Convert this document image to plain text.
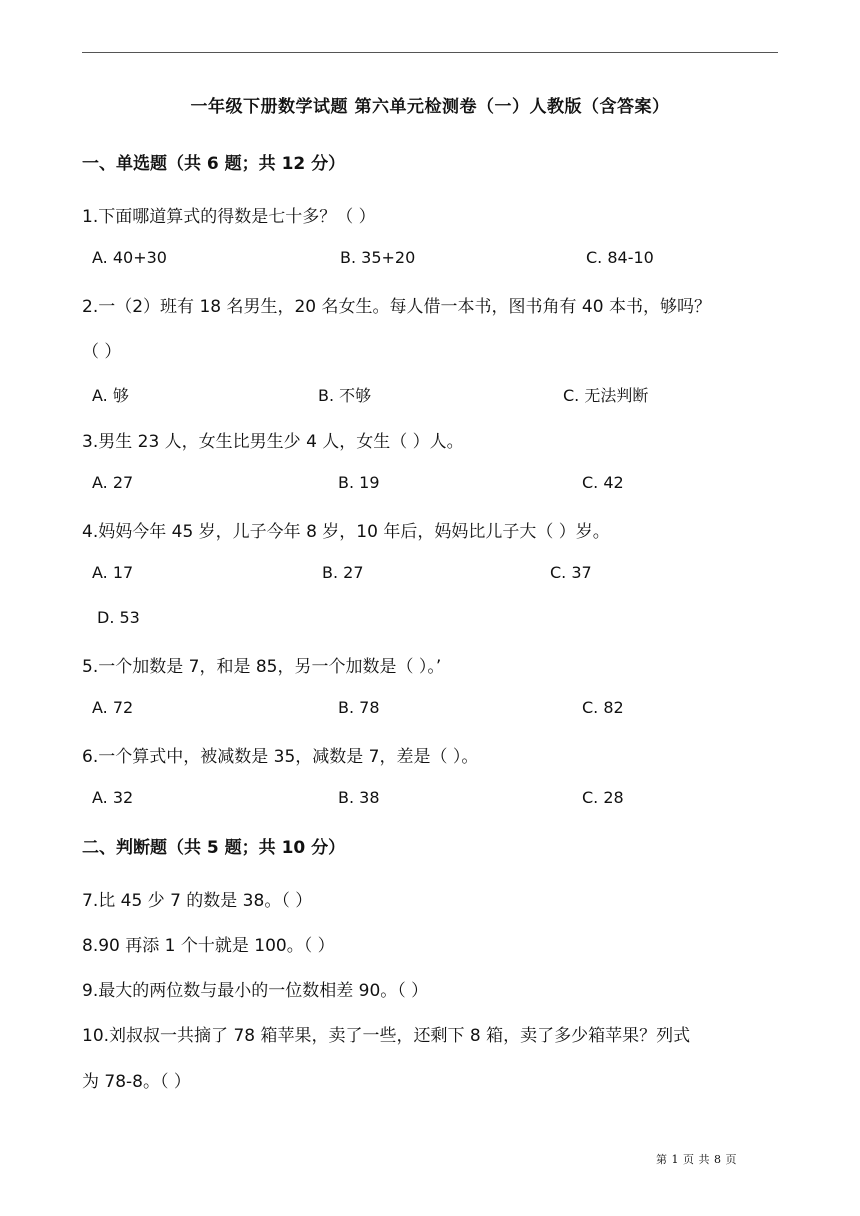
一年级下册数学试题 第六单元检测卷（一）人教版（含答案）
一、单选题（共 6 题；共 12 分）
1.下面哪道算式的得数是七十多？（ ）
A. 40+30	B. 35+20	C. 84-10
2.一（2）班有 18 名男生，20 名女生。每人借一本书，图书角有 40 本书，够吗？
（ ）
A. 够	B. 不够	C. 无法判断
3.男生 23 人，女生比男生少 4 人，女生（ ）人。
A. 27	B. 19	C. 42
4.妈妈今年 45 岁，儿子今年 8 岁，10 年后，妈妈比儿子大（ ）岁。
A. 17	B. 27	C. 37
D. 53
5.一个加数是 7，和是 85，另一个加数是（ ）。’
A. 72	B. 78	C. 82
6.一个算式中，被减数是 35，减数是 7，差是（ ）。
A. 32	B. 38	C. 28
二、判断题（共 5 题；共 10 分）
7.比 45 少 7 的数是 38。（ ）
8.90 再添 1 个十就是 100。（ ）
9.最大的两位数与最小的一位数相差 90。（ ）
10.刘叔叔一共摘了 78 箱苹果，卖了一些，还剩下 8 箱，卖了多少箱苹果？列式
为 78-8。（ ）
第 1 页 共 8 页
